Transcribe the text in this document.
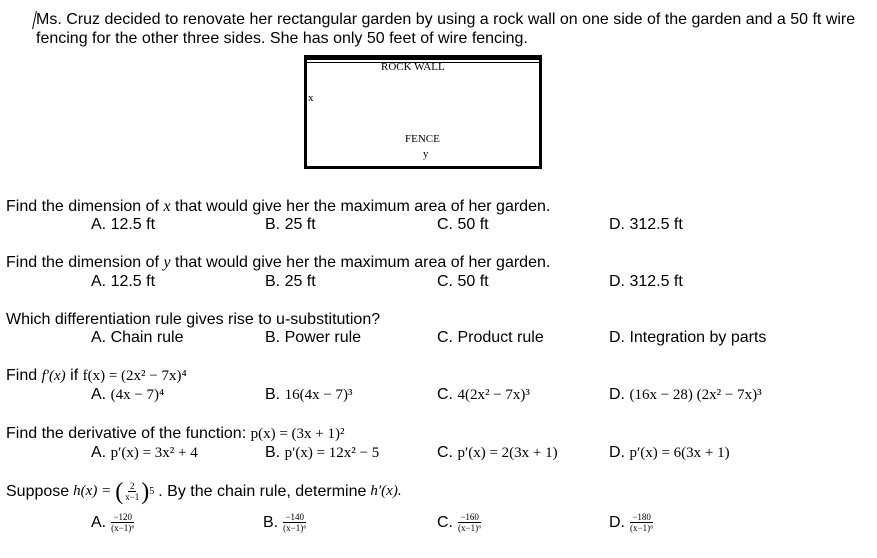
Ms. Cruz decided to renovate her rectangular garden by using a rock wall on one side of the garden and a 50 ft wire
fencing for the other three sides. She has only 50 feet of wire fencing.
ROCK WALL
x
FENCE
y
Find the dimension of x that would give her the maximum area of her garden.
A. 12.5 ft	B. 25 ft	C. 50 ft	D. 312.5 ft
Find the dimension of y that would give her the maximum area of her garden.
A. 12.5 ft	B. 25 ft	C. 50 ft	D. 312.5 ft
Which differentiation rule gives rise to u-substitution?
A. Chain rule	B. Power rule	C. Product rule	D. Integration by parts
Find f′(x) if f(x) = (2x² − 7x)⁴
A. (4x − 7)⁴	B. 16(4x − 7)³	C. 4(2x² − 7x)³	D. (16x − 28) (2x² − 7x)³
Find the derivative of the function: p(x) = (3x + 1)²
A. p′(x) = 3x² + 4	B. p′(x) = 12x² − 5	C. p′(x) = 2(3x + 1)	D. p′(x) = 6(3x + 1)
Suppose h(x) = ( $\frac{2}{x-1}$ ) 5 . By the chain rule, determine h′(x).
A. $\frac{-120}{\text{(x−1)⁶}}$	B. $\frac{-140}{\text{(x−1)⁶}}$	C. $\frac{-160}{\text{(x−1)⁶}}$	D. $\frac{-180}{\text{(x−1)⁶}}$
